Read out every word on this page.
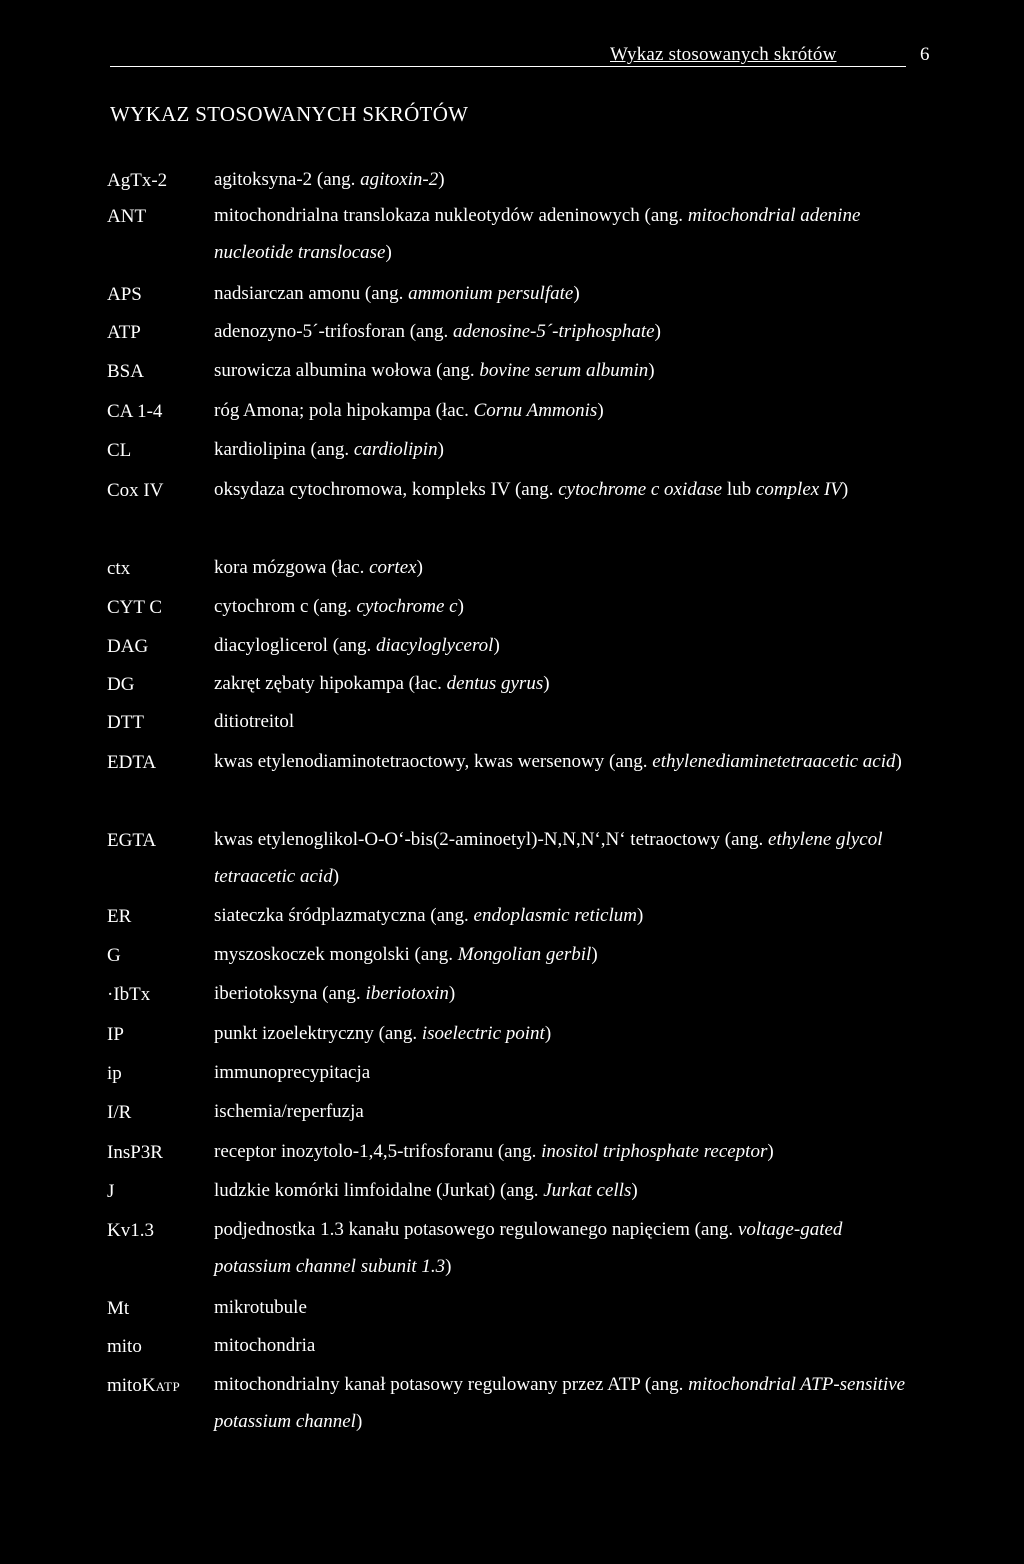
Wykaz stosowanych skrótów	6
WYKAZ STOSOWANYCH SKRÓTÓW
AgTx-2 agitoksyna-2 (ang. agitoxin-2)
ANT	mitochondrialna translokaza nukleotydów adeninowych (ang. mitochondrial adenine nucleotide translocase)
APS	nadsiarczan amonu (ang. ammonium persulfate)
ATP	adenozyno-5´-trifosforan (ang. adenosine-5´-triphosphate)
BSA	surowicza albumina wołowa (ang. bovine serum albumin)
CA 1-4	róg Amona; pola hipokampa (łac. Cornu Ammonis)
CL	kardiolipina (ang. cardiolipin)
Cox IV	oksydaza cytochromowa, kompleks IV (ang. cytochrome c oxidase lub complex IV)
ctx	kora mózgowa (łac. cortex)
CYT C	cytochrom c (ang. cytochrome c)
DAG	diacyloglicerol (ang. diacyloglycerol)
DG	zakręt zębaty hipokampa (łac. dentus gyrus)
DTT	ditiotreitol
EDTA	kwas etylenodiaminotetraoctowy, kwas wersenowy (ang. ethylenediaminetetraacetic acid)
EGTA	kwas etylenoglikol-O-O‘-bis(2-aminoetyl)-N,N,N‘,N‘ tetraoctowy (ang. ethylene glycol tetraacetic acid)
ER	siateczka śródplazmatyczna (ang. endoplasmic reticlum)
G	myszoskoczek mongolski (ang. Mongolian gerbil)
·IbTx	iberiotoksyna (ang. iberiotoxin)
IP	punkt izoelektryczny (ang. isoelectric point)
ip	immunoprecypitacja
I/R	ischemia/reperfuzja
InsP3R	receptor inozytolo-1,4,5-trifosforanu (ang. inositol triphosphate receptor)
J	ludzkie komórki limfoidalne (Jurkat) (ang. Jurkat cells)
Kv1.3	podjednostka 1.3 kanału potasowego regulowanego napięciem (ang. voltage-gated potassium channel subunit 1.3)
Mt	mikrotubule
mito	mitochondria
mitoKATP mitochondrialny kanał potasowy regulowany przez ATP (ang. mitochondrial ATP-sensitive potassium channel)
